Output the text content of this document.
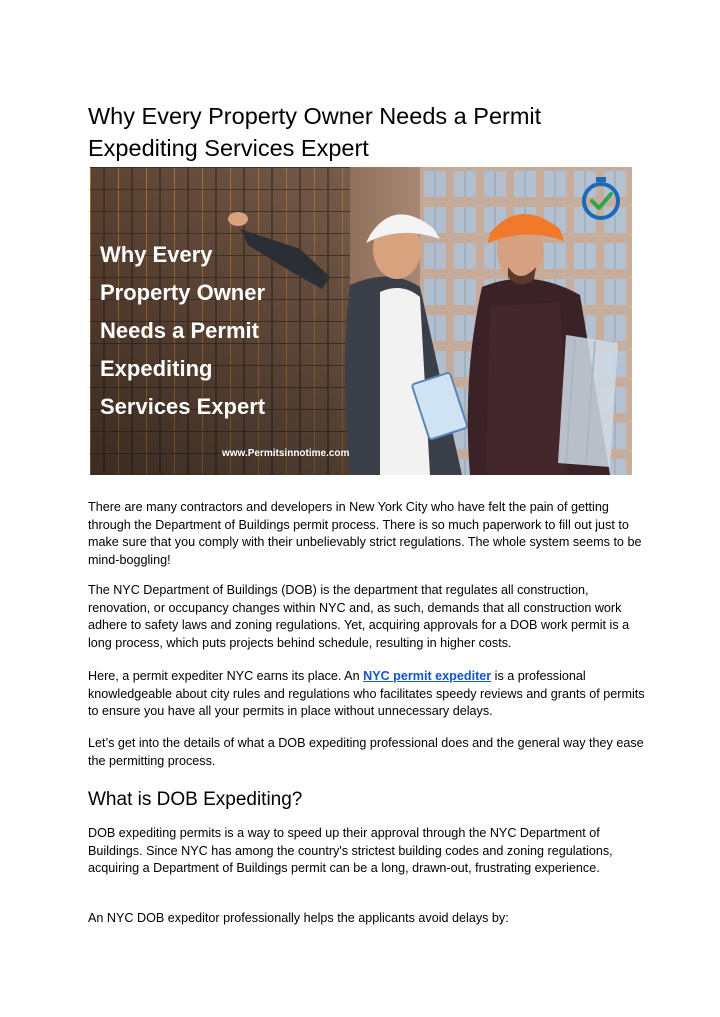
Why Every Property Owner Needs a Permit Expediting Services Expert
Why Every
Property Owner
Needs a Permit
Expediting
Services Expert
www.Permitsinnotime.com

There are many contractors and developers in New York City who have felt the pain of getting through the Department of Buildings permit process. There is so much paperwork to fill out just to make sure that you comply with their unbelievably strict regulations. The whole system seems to be mind-boggling!

The NYC Department of Buildings (DOB) is the department that regulates all construction, renovation, or occupancy changes within NYC and, as such, demands that all construction work adhere to safety laws and zoning regulations. Yet, acquiring approvals for a DOB work permit is a long process, which puts projects behind schedule, resulting in higher costs.

Here, a permit expediter NYC earns its place. An NYC permit expediter is a professional knowledgeable about city rules and regulations who facilitates speedy reviews and grants of permits to ensure you have all your permits in place without unnecessary delays.

Let’s get into the details of what a DOB expediting professional does and the general way they ease the permitting process.

What is DOB Expediting?

DOB expediting permits is a way to speed up their approval through the NYC Department of Buildings. Since NYC has among the country's strictest building codes and zoning regulations, acquiring a Department of Buildings permit can be a long, drawn-out, frustrating experience.

An NYC DOB expeditor professionally helps the applicants avoid delays by:
